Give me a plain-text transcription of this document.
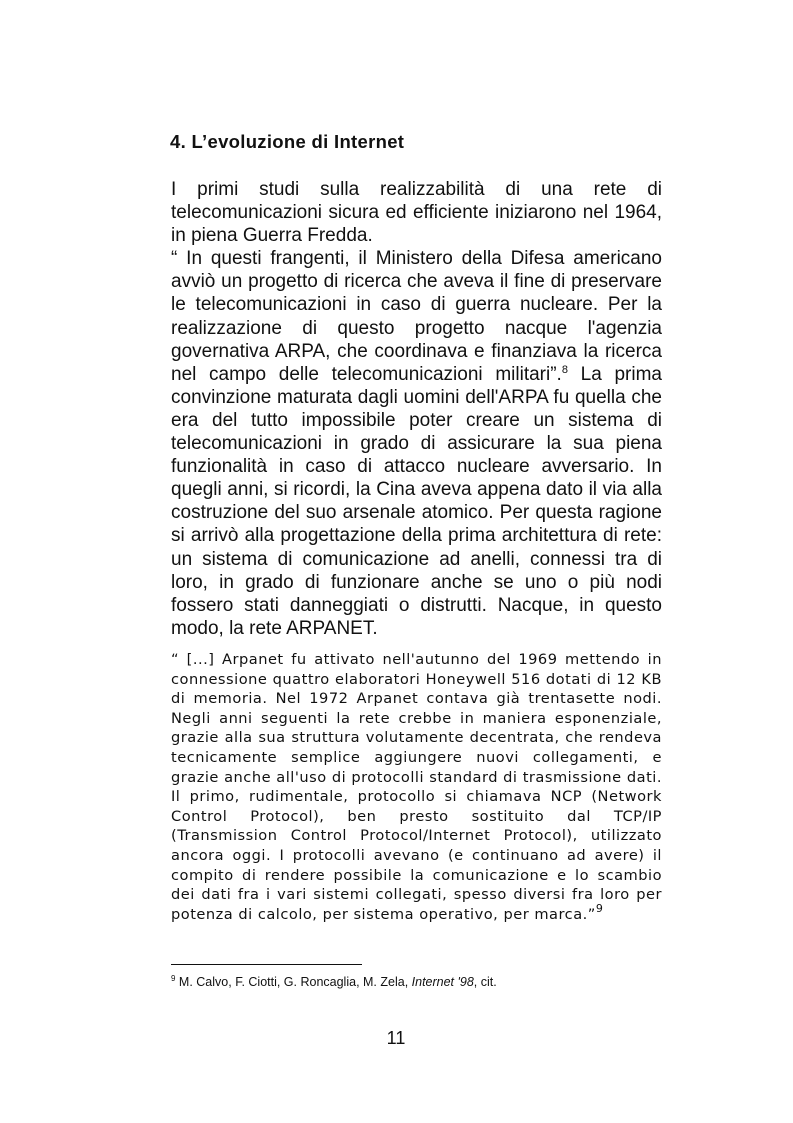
4. L’evoluzione di Internet

I primi studi sulla realizzabilità di una rete di telecomunicazioni sicura ed efficiente iniziarono nel 1964, in piena Guerra Fredda.

“ In questi frangenti, il Ministero della Difesa americano avviò un progetto di ricerca che aveva il fine di preservare le telecomunicazioni in caso di guerra nucleare. Per la realizzazione di questo progetto nacque l'agenzia governativa ARPA, che coordinava e finanziava la ricerca nel campo delle telecomunicazioni militari”.$^8$ La prima convinzione maturata dagli uomini dell'ARPA fu quella che era del tutto impossibile poter creare un sistema di telecomunicazioni in grado di assicurare la sua piena funzionalità in caso di attacco nucleare avversario. In quegli anni, si ricordi, la Cina aveva appena dato il via alla costruzione del suo arsenale atomico. Per questa ragione si arrivò alla progettazione della prima architettura di rete: un sistema di comunicazione ad anelli, connessi tra di loro, in grado di funzionare anche se uno o più nodi fossero stati danneggiati o distrutti. Nacque, in questo modo, la rete ARPANET.

“ [...] Arpanet fu attivato nell'autunno del 1969 mettendo in connessione quattro elaboratori Honeywell 516 dotati di 12 KB di memoria. Nel 1972 Arpanet contava già trentasette nodi. Negli anni seguenti la rete crebbe in maniera esponenziale, grazie alla sua struttura volutamente decentrata, che rendeva tecnicamente semplice aggiungere nuovi collegamenti, e grazie anche all'uso di protocolli standard di trasmissione dati. Il primo, rudimentale, protocollo si chiamava NCP (Network Control Protocol), ben presto sostituito dal TCP/IP (Transmission Control Protocol/Internet Protocol), utilizzato ancora oggi. I protocolli avevano (e continuano ad avere) il compito di rendere possibile la comunicazione e lo scambio dei dati fra i vari sistemi collegati, spesso diversi fra loro per potenza di calcolo, per sistema operativo, per marca.”$^9$

$^9$ M. Calvo, F. Ciotti, G. Roncaglia, M. Zela, Internet '98, cit.

11
